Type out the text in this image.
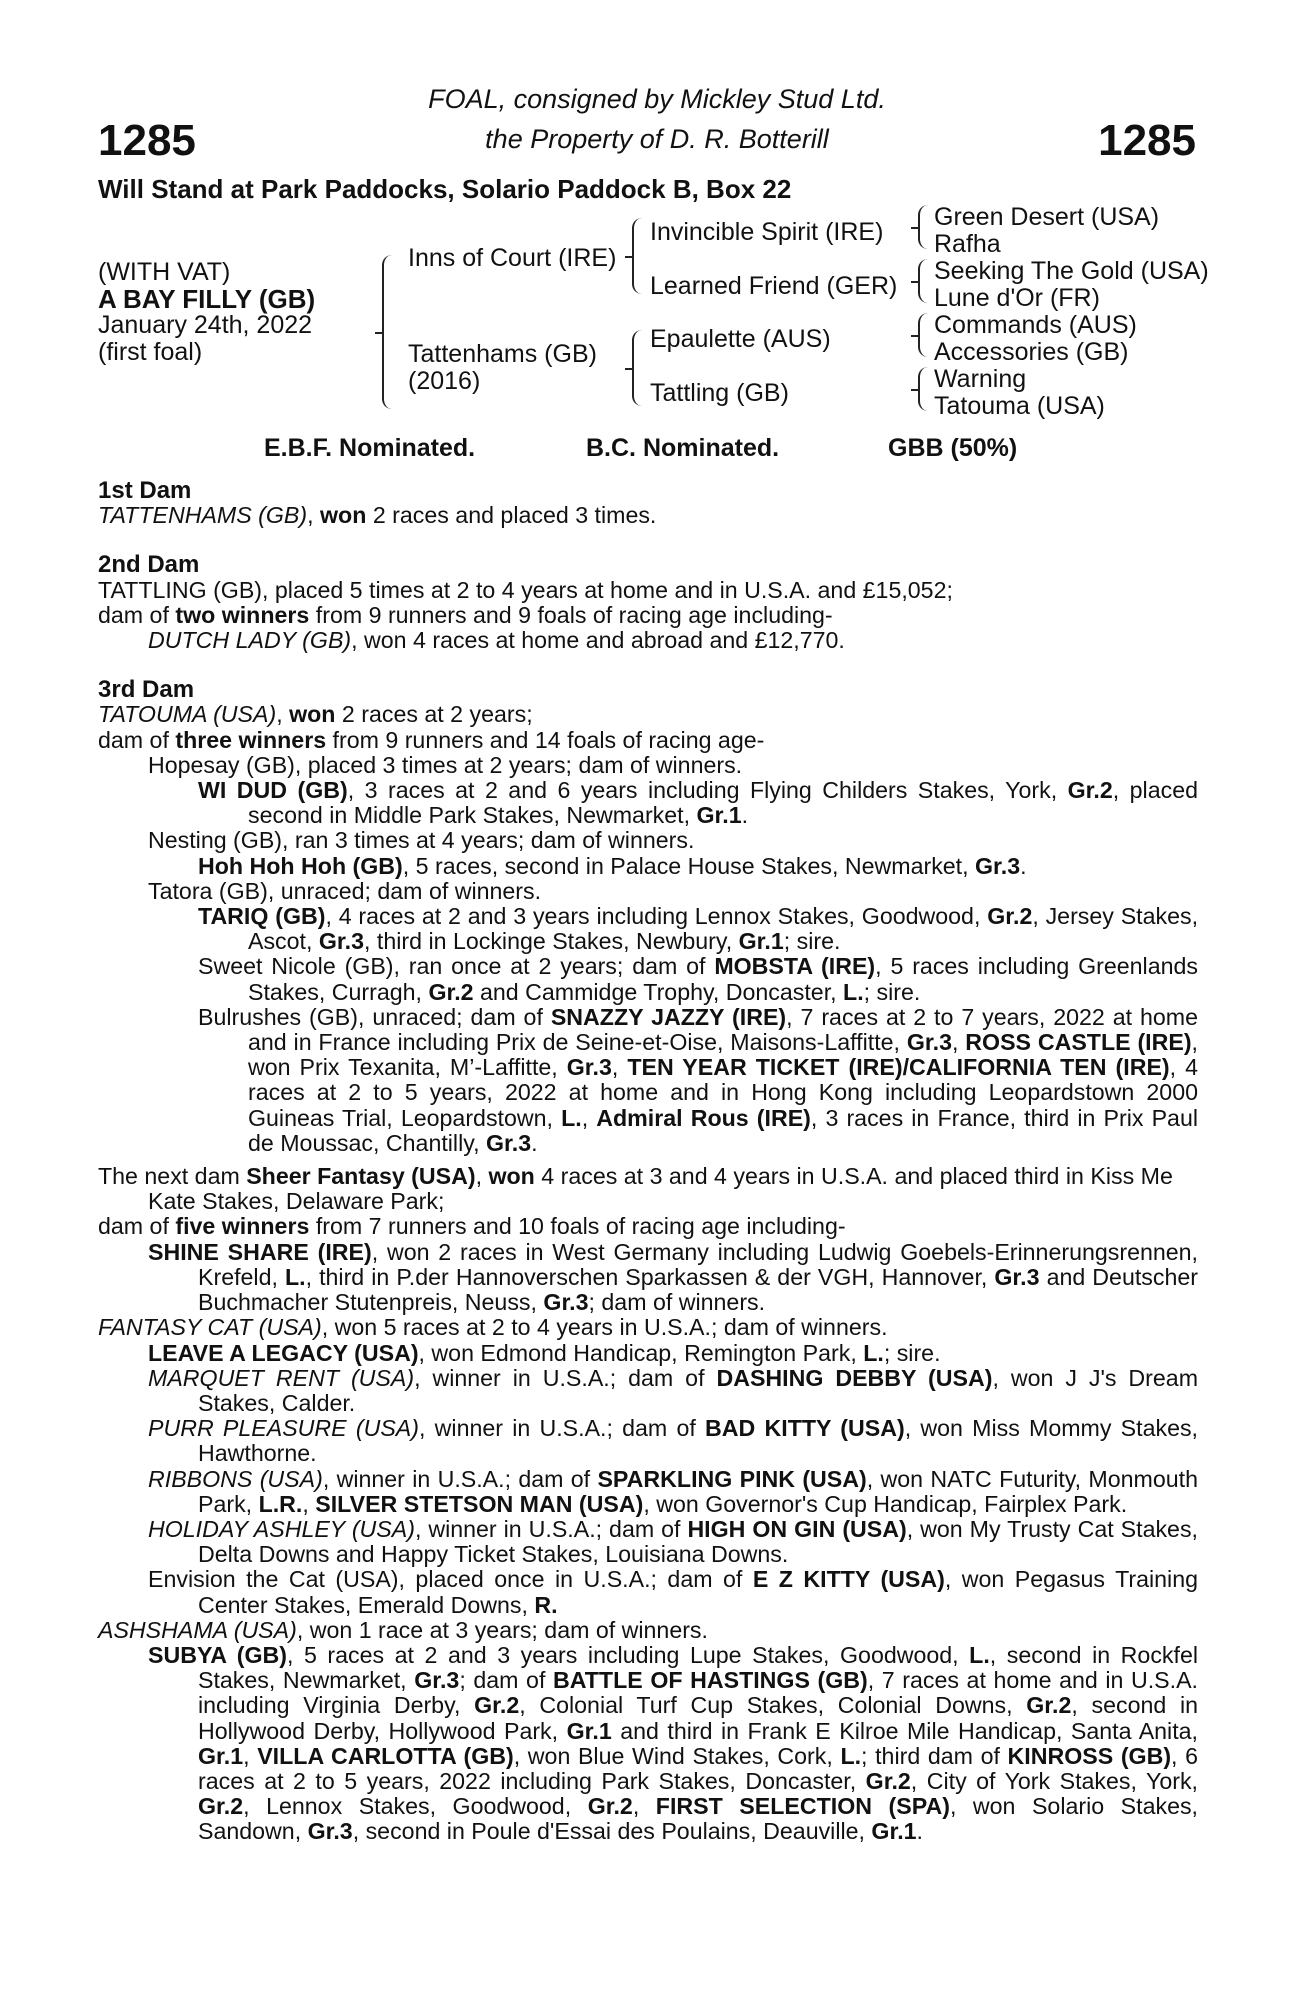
1285	1285
FOAL, consigned by Mickley Stud Ltd.
the Property of D. R. Botterill
Will Stand at Park Paddocks, Solario Paddock B, Box 22
(WITH VAT)
A BAY FILLY (GB)
January 24th, 2022
(first foal)
Inns of Court (IRE)
Tattenhams (GB)
(2016)
Invincible Spirit (IRE)
Learned Friend (GER)
Epaulette (AUS)
Tattling (GB)
Green Desert (USA)
Rafha
Seeking The Gold (USA)
Lune d'Or (FR)
Commands (AUS)
Accessories (GB)
Warning
Tatouma (USA)
E.B.F. Nominated.	B.C. Nominated.	GBB (50%)

1st Dam

TATTENHAMS (GB), won 2 races and placed 3 times.

2nd Dam

TATTLING (GB), placed 5 times at 2 to 4 years at home and in U.S.A. and £15,052;

dam of two winners from 9 runners and 9 foals of racing age including-

DUTCH LADY (GB), won 4 races at home and abroad and £12,770.

3rd Dam

TATOUMA (USA), won 2 races at 2 years;

dam of three winners from 9 runners and 14 foals of racing age-

Hopesay (GB), placed 3 times at 2 years; dam of winners.

WI DUD (GB), 3 races at 2 and 6 years including Flying Childers Stakes, York, Gr.2, placed second in Middle Park Stakes, Newmarket, Gr.1.

Nesting (GB), ran 3 times at 4 years; dam of winners.

Hoh Hoh Hoh (GB), 5 races, second in Palace House Stakes, Newmarket, Gr.3.

Tatora (GB), unraced; dam of winners.

TARIQ (GB), 4 races at 2 and 3 years including Lennox Stakes, Goodwood, Gr.2, Jersey Stakes, Ascot, Gr.3, third in Lockinge Stakes, Newbury, Gr.1; sire.

Sweet Nicole (GB), ran once at 2 years; dam of MOBSTA (IRE), 5 races including Greenlands Stakes, Curragh, Gr.2 and Cammidge Trophy, Doncaster, L.; sire.

Bulrushes (GB), unraced; dam of SNAZZY JAZZY (IRE), 7 races at 2 to 7 years, 2022 at home and in France including Prix de Seine-et-Oise, Maisons-Laffitte, Gr.3, ROSS CASTLE (IRE), won Prix Texanita, M’-Laffitte, Gr.3, TEN YEAR TICKET (IRE)/CALIFORNIA TEN (IRE), 4 races at 2 to 5 years, 2022 at home and in Hong Kong including Leopardstown 2000 Guineas Trial, Leopardstown, L., Admiral Rous (IRE), 3 races in France, third in Prix Paul de Moussac, Chantilly, Gr.3.

The next dam Sheer Fantasy (USA), won 4 races at 3 and 4 years in U.S.A. and placed third in Kiss Me Kate Stakes, Delaware Park;

dam of five winners from 7 runners and 10 foals of racing age including-

SHINE SHARE (IRE), won 2 races in West Germany including Ludwig Goebels-Erinnerungsrennen, Krefeld, L., third in P.der Hannoverschen Sparkassen & der VGH, Hannover, Gr.3 and Deutscher Buchmacher Stutenpreis, Neuss, Gr.3; dam of winners.

FANTASY CAT (USA), won 5 races at 2 to 4 years in U.S.A.; dam of winners.

LEAVE A LEGACY (USA), won Edmond Handicap, Remington Park, L.; sire.

MARQUET RENT (USA), winner in U.S.A.; dam of DASHING DEBBY (USA), won J J's Dream Stakes, Calder.

PURR PLEASURE (USA), winner in U.S.A.; dam of BAD KITTY (USA), won Miss Mommy Stakes, Hawthorne.

RIBBONS (USA), winner in U.S.A.; dam of SPARKLING PINK (USA), won NATC Futurity, Monmouth Park, L.R., SILVER STETSON MAN (USA), won Governor's Cup Handicap, Fairplex Park.

HOLIDAY ASHLEY (USA), winner in U.S.A.; dam of HIGH ON GIN (USA), won My Trusty Cat Stakes, Delta Downs and Happy Ticket Stakes, Louisiana Downs.

Envision the Cat (USA), placed once in U.S.A.; dam of E Z KITTY (USA), won Pegasus Training Center Stakes, Emerald Downs, R.

ASHSHAMA (USA), won 1 race at 3 years; dam of winners.

SUBYA (GB), 5 races at 2 and 3 years including Lupe Stakes, Goodwood, L., second in Rockfel Stakes, Newmarket, Gr.3; dam of BATTLE OF HASTINGS (GB), 7 races at home and in U.S.A. including Virginia Derby, Gr.2, Colonial Turf Cup Stakes, Colonial Downs, Gr.2, second in Hollywood Derby, Hollywood Park, Gr.1 and third in Frank E Kilroe Mile Handicap, Santa Anita, Gr.1, VILLA CARLOTTA (GB), won Blue Wind Stakes, Cork, L.; third dam of KINROSS (GB), 6 races at 2 to 5 years, 2022 including Park Stakes, Doncaster, Gr.2, City of York Stakes, York, Gr.2, Lennox Stakes, Goodwood, Gr.2, FIRST SELECTION (SPA), won Solario Stakes, Sandown, Gr.3, second in Poule d'Essai des Poulains, Deauville, Gr.1.
